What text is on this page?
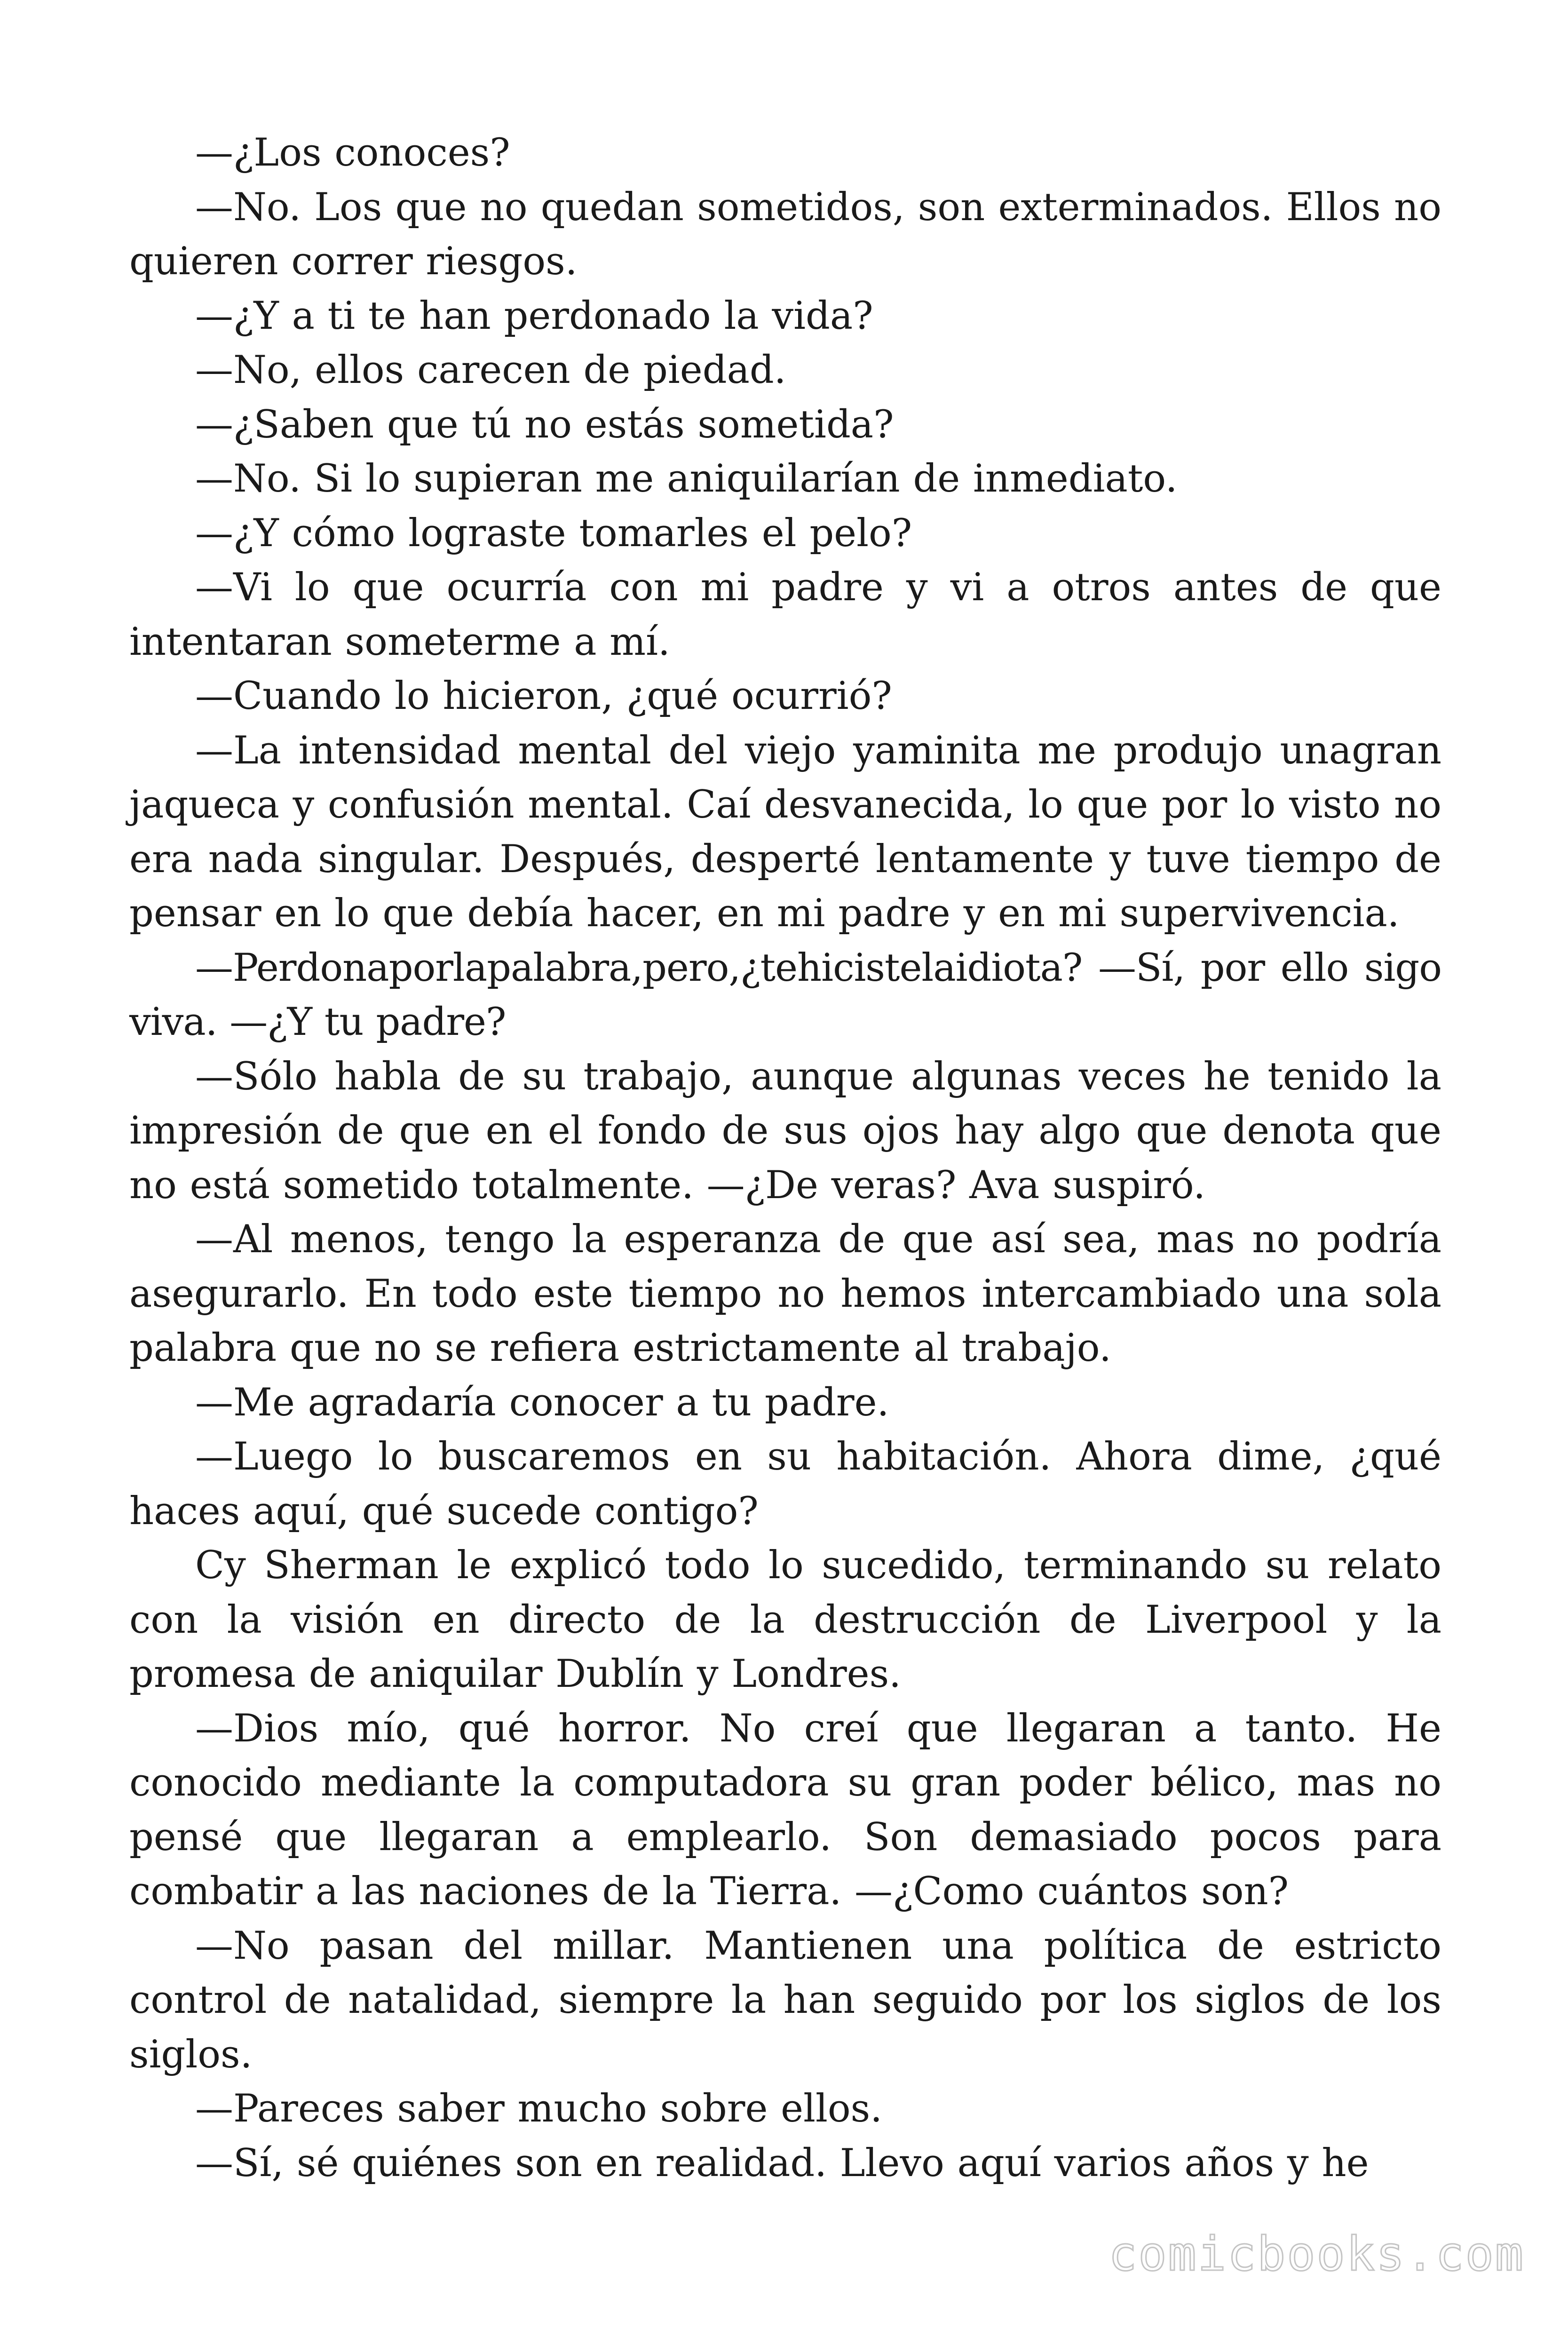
—¿Los conoces?

—No. Los que no quedan sometidos, son exterminados. Ellos no quieren correr riesgos.

—¿Y a ti te han perdonado la vida?

—No, ellos carecen de piedad.

—¿Saben que tú no estás sometida?

—No. Si lo supieran me aniquilarían de inmediato.

—¿Y cómo lograste tomarles el pelo?

—Vi lo que ocurría con mi padre y vi a otros antes de que intentaran someterme a mí.

—Cuando lo hicieron, ¿qué ocurrió?

—La intensidad mental del viejo yaminita me produjo unagran jaqueca y confusión mental. Caí desvanecida, lo que por lo visto no era nada singular. Después, desperté lentamente y tuve tiempo de pensar en lo que debía hacer, en mi padre y en mi supervivencia.

—Perdonaporlapalabra,pero,¿tehicistelaidiota? —Sí, por ello sigo viva. —¿Y tu padre?

—Sólo habla de su trabajo, aunque algunas veces he tenido la impresión de que en el fondo de sus ojos hay algo que denota que no está sometido totalmente. —¿De veras? Ava suspiró.

—Al menos, tengo la esperanza de que así sea, mas no podría asegurarlo. En todo este tiempo no hemos intercambiado una sola palabra que no se refiera estrictamente al trabajo.

—Me agradaría conocer a tu padre.

—Luego lo buscaremos en su habitación. Ahora dime, ¿qué haces aquí, qué sucede contigo?

Cy Sherman le explicó todo lo sucedido, terminando su relato con la visión en directo de la destrucción de Liverpool y la promesa de aniquilar Dublín y Londres.

—Dios mío, qué horror. No creí que llegaran a tanto. He conocido mediante la computadora su gran poder bélico, mas no pensé que llegaran a emplearlo. Son demasiado pocos para combatir a las naciones de la Tierra. —¿Como cuántos son?

—No pasan del millar. Mantienen una política de estricto control de natalidad, siempre la han seguido por los siglos de los siglos.

—Pareces saber mucho sobre ellos.

—Sí, sé quiénes son en realidad. Llevo aquí varios años y he

comicbooks.com
